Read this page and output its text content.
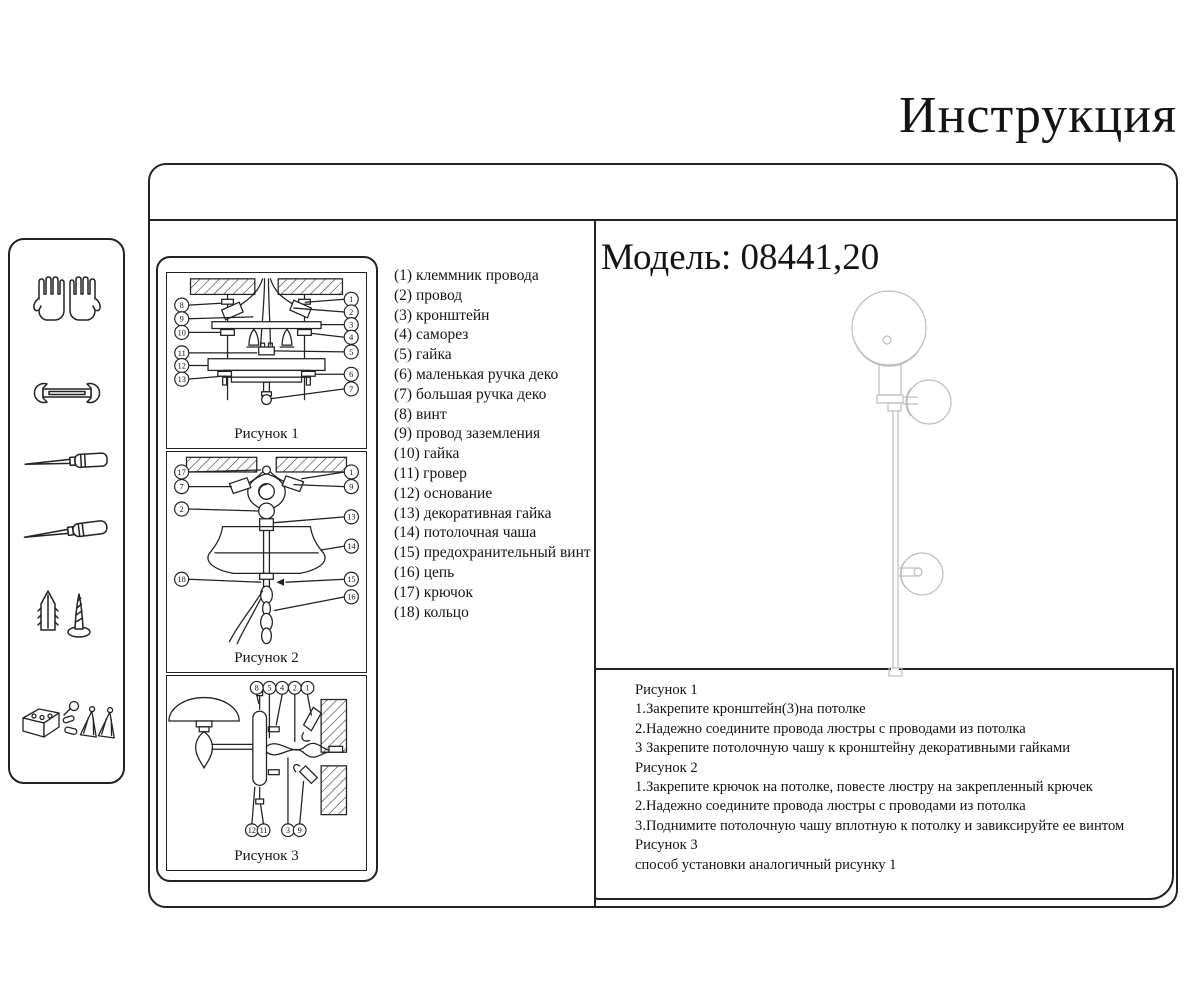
Инструкция
8
9
10
11
12
13
1
2
3
4
5
6
7
Рисунок 1
17
7
2
18
1
9
13
14
15
16
Рисунок 2
8 5 4 2 1
12 11 3 9
Рисунок 3
(1) клеммник провода
(2) провод
(3) кронштейн
(4) саморез
(5) гайка
(6) маленькая ручка деко
(7) большая ручка деко
(8) винт
(9) провод заземления
(10) гайка
(11) гровер
(12) основание
(13) декоративная гайка
(14) потолочная чаша
(15) предохранительный винт
(16) цепь
(17) крючок
(18) кольцо
Модель: 08441,20
Рисунок 1
1.Закрепите кронштейн(3)на потолке
2.Надежно соедините провода люстры с проводами из потолка
3 Закрепите потолочную чашу к кронштейну декоративными гайками
Рисунок 2
1.Закрепите крючок на потолке, повесте люстру на закрепленный крючек
2.Надежно соедините провода люстры с проводами из потолка
3.Поднимите потолочную чашу вплотную к потолку и завиксируйте ее винтом
Рисунок 3
способ установки аналогичный рисунку 1
